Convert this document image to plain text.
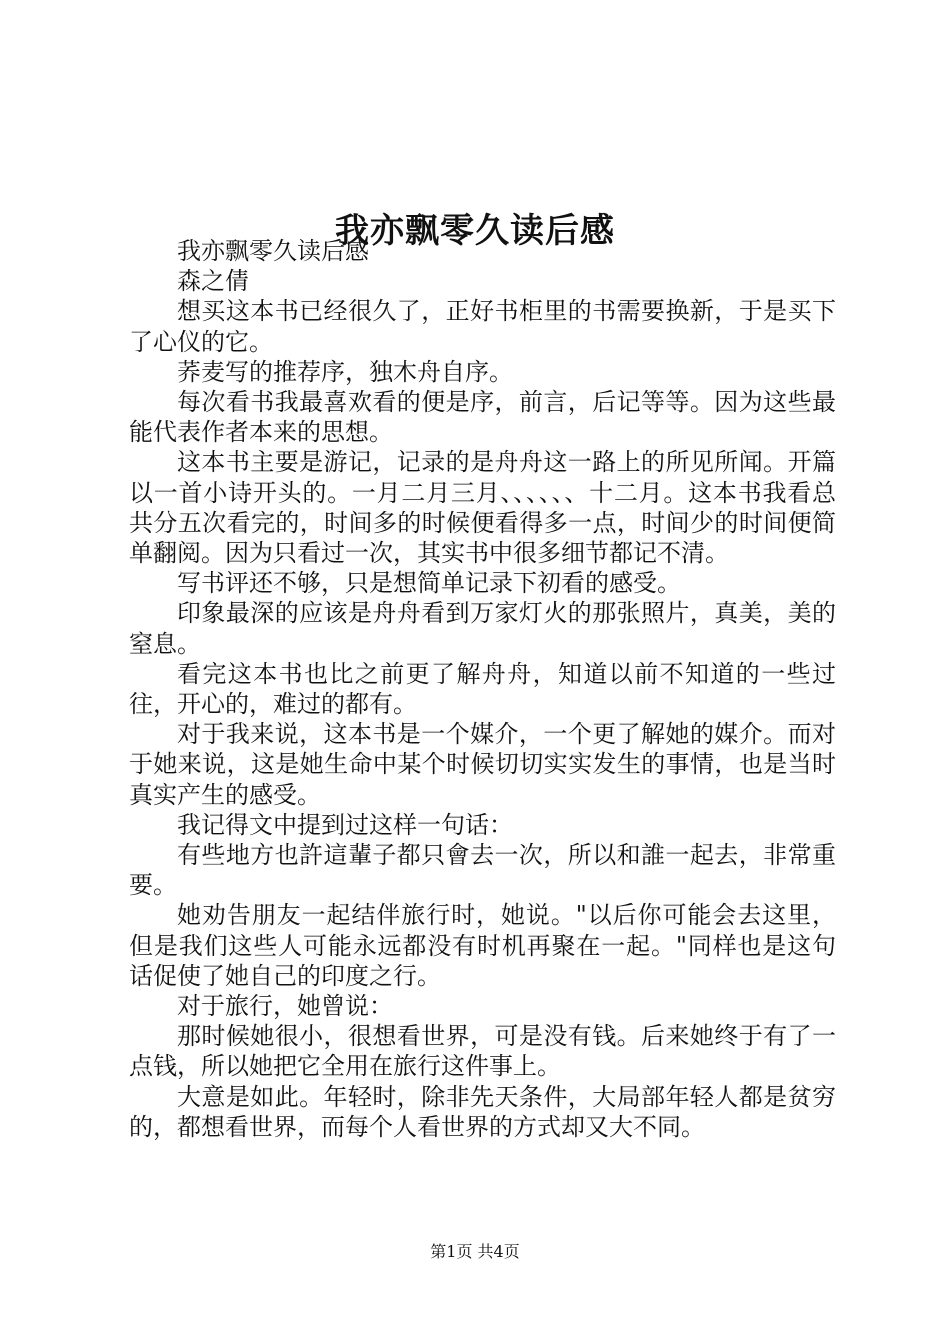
我亦飘零久读后感

我亦飘零久读后感

森之倩

想买这本书已经很久了，正好书柜里的书需要换新，于是买下了心仪的它。

荞麦写的推荐序，独木舟自序。

每次看书我最喜欢看的便是序，前言，后记等等。因为这些最能代表作者本来的思想。

这本书主要是游记，记录的是舟舟这一路上的所见所闻。开篇以一首小诗开头的。一月二月三月、、、、、、十二月。这本书我看总共分五次看完的，时间多的时候便看得多一点，时间少的时间便简单翻阅。因为只看过一次，其实书中很多细节都记不清。

写书评还不够，只是想简单记录下初看的感受。

印象最深的应该是舟舟看到万家灯火的那张照片，真美，美的窒息。

看完这本书也比之前更了解舟舟，知道以前不知道的一些过往，开心的，难过的都有。

对于我来说，这本书是一个媒介，一个更了解她的媒介。而对于她来说，这是她生命中某个时候切切实实发生的事情，也是当时真实产生的感受。

我记得文中提到过这样一句话：

有些地方也許這輩子都只會去一次，所以和誰一起去，非常重要。

她劝告朋友一起结伴旅行时，她说。"以后你可能会去这里，但是我们这些人可能永远都没有时机再聚在一起。"同样也是这句话促使了她自己的印度之行。

对于旅行，她曾说：

那时候她很小，很想看世界，可是没有钱。后来她终于有了一点钱，所以她把它全用在旅行这件事上。

大意是如此。年轻时，除非先天条件，大局部年轻人都是贫穷的，都想看世界，而每个人看世界的方式却又大不同。

第1页 共4页
